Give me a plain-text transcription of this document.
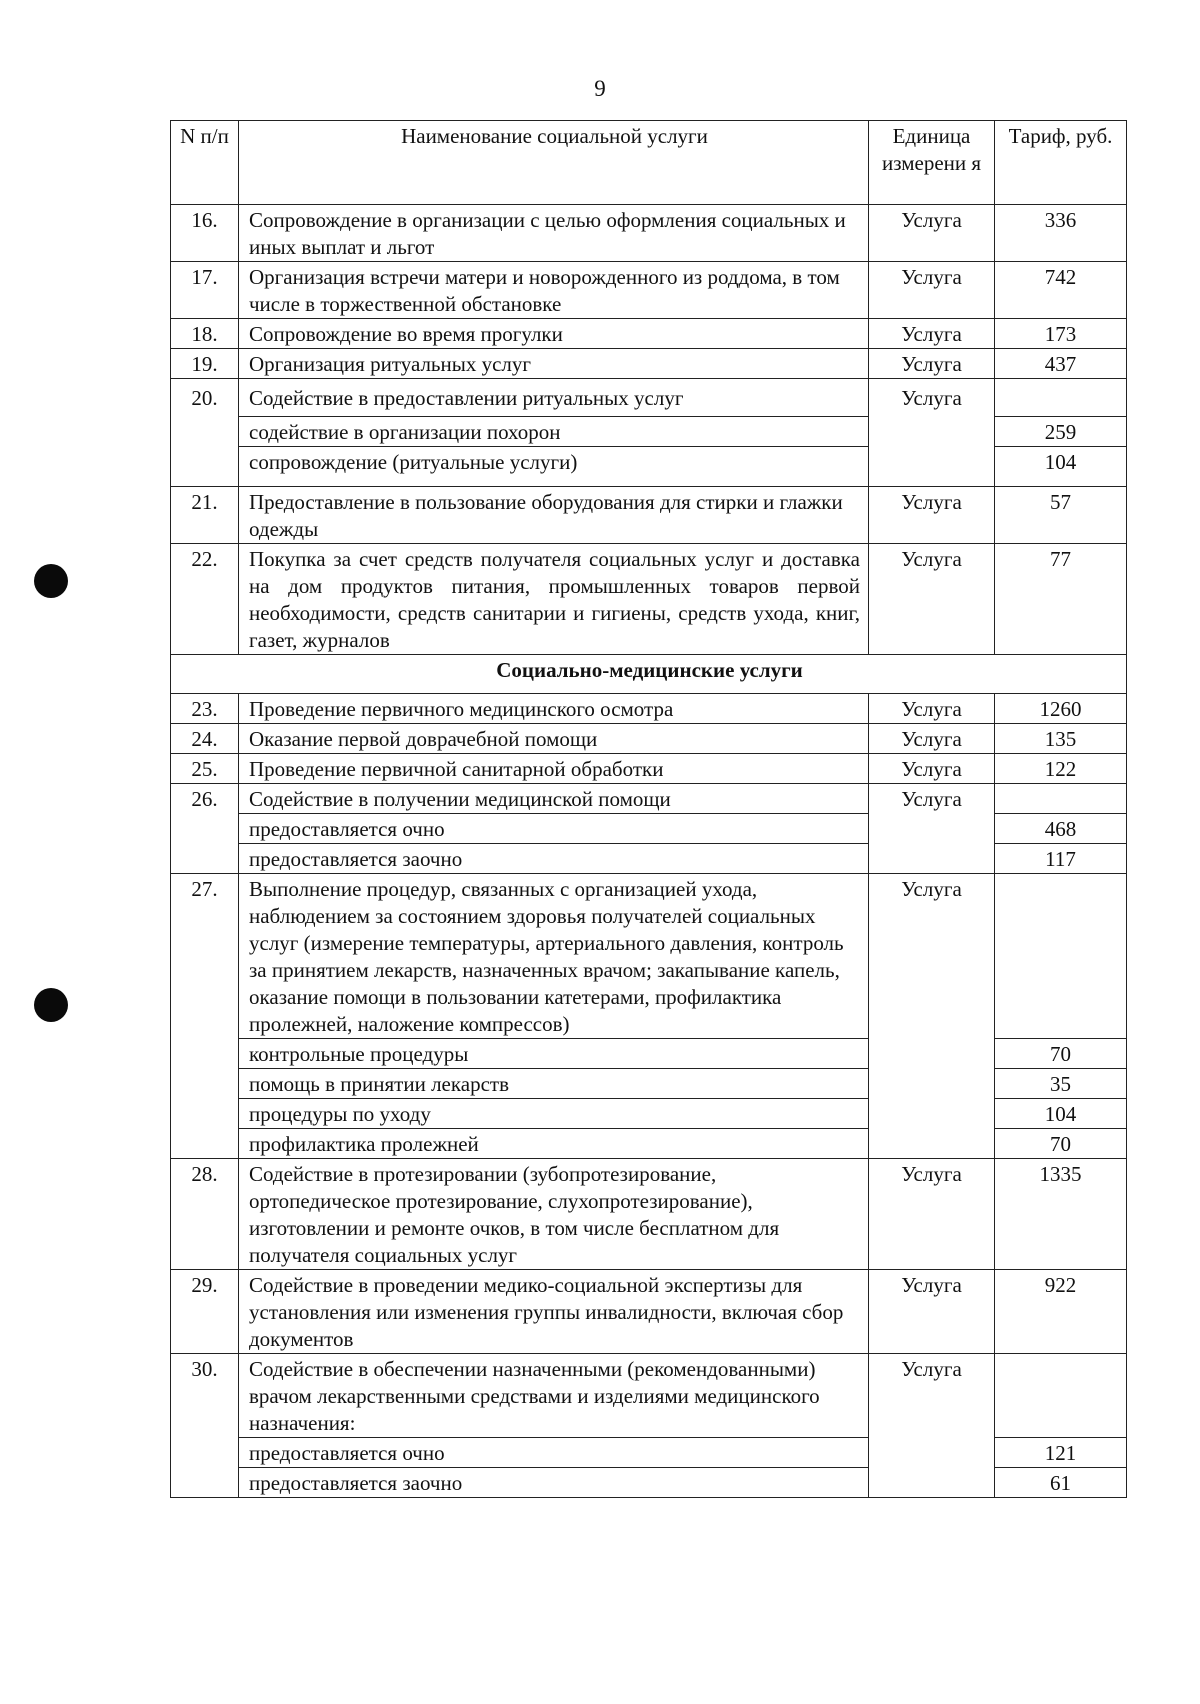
9
N п/п	Наименование социальной услуги	Единица измерени я	Тариф, руб.
16.	Сопровождение в организации с целью оформления социальных и иных выплат и льгот	Услуга	336
17.	Организация встречи матери и новорожденного из роддома, в том числе в торжественной обстановке	Услуга	742
18.	Сопровождение во время прогулки	Услуга	173
19.	Организация ритуальных услуг	Услуга	437
20.	Содействие в предоставлении ритуальных услуг	Услуга	
	содействие в организации похорон		259
	сопровождение (ритуальные услуги)		104
21.	Предоставление в пользование оборудования для стирки и глажки одежды	Услуга	57
22.	Покупка за счет средств получателя социальных услуг и доставка на дом продуктов питания, промышленных товаров первой необходимости, средств санитарии и гигиены, средств ухода, книг, газет, журналов	Услуга	77
Социально-медицинские услуги			
23.	Проведение первичного медицинского осмотра	Услуга	1260
24.	Оказание первой доврачебной помощи	Услуга	135
25.	Проведение первичной санитарной обработки	Услуга	122
26.	Содействие в получении медицинской помощи	Услуга	
	предоставляется очно		468
	предоставляется заочно		117
27.	Выполнение процедур, связанных с организацией ухода, наблюдением за состоянием здоровья получателей социальных услуг (измерение температуры, артериального давления, контроль за принятием лекарств, назначенных врачом; закапывание капель, оказание помощи в пользовании катетерами, профилактика пролежней, наложение компрессов)	Услуга	
	контрольные процедуры		70
	помощь в принятии лекарств		35
	процедуры по уходу		104
	профилактика пролежней		70
28.	Содействие в протезировании (зубопротезирование, ортопедическое протезирование, слухопротезирование), изготовлении и ремонте очков, в том числе бесплатном для получателя социальных услуг	Услуга	1335
29.	Содействие в проведении медико-социальной экспертизы для установления или изменения группы инвалидности, включая сбор документов	Услуга	922
30.	Содействие в обеспечении назначенными (рекомендованными) врачом лекарственными средствами и изделиями медицинского назначения:	Услуга	
	предоставляется очно		121
	предоставляется заочно		61
